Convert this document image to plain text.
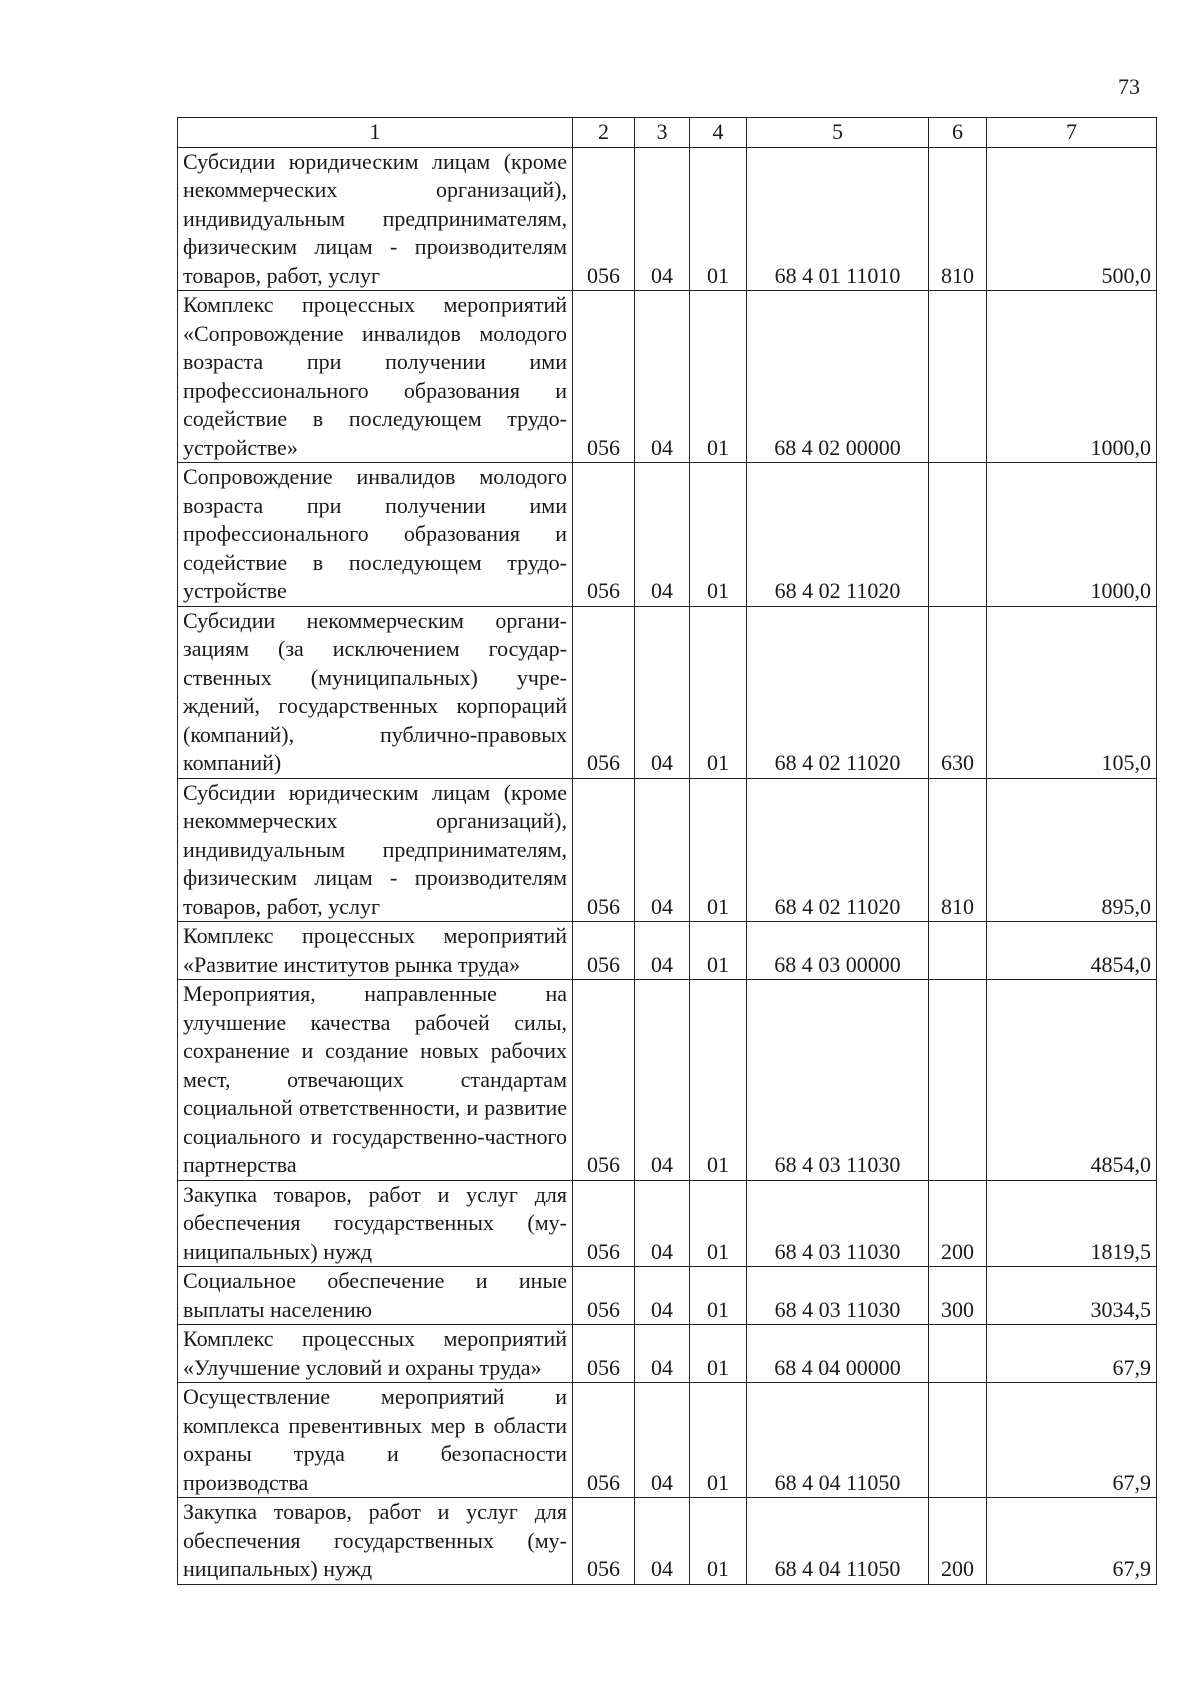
73
1	2	3	4	5	6	7
Субсидии юридическим лицам (кроме некоммерческих организаций), индивидуальным предпринимателям, физическим лицам - производителям товаров, работ, услуг	056	04	01	68 4 01 11010	810	500,0
Комплекс процессных мероприятий «Сопровождение инвалидов молодого возраста при получении ими профессионального образования и содействие в последующем трудоустройстве»	056	04	01	68 4 02 00000		1000,0
Сопровождение инвалидов молодого возраста при получении ими профессионального образования и содействие в последующем трудоустройстве	056	04	01	68 4 02 11020		1000,0
Субсидии некоммерческим организациям (за исключением государственных (муниципальных) учреждений, государственных корпораций (компаний), публично-правовых компаний)	056	04	01	68 4 02 11020	630	105,0
Субсидии юридическим лицам (кроме некоммерческих организаций), индивидуальным предпринимателям, физическим лицам - производителям товаров, работ, услуг	056	04	01	68 4 02 11020	810	895,0
Комплекс процессных мероприятий «Развитие институтов рынка труда»	056	04	01	68 4 03 00000		4854,0
Мероприятия, направленные на улучшение качества рабочей силы, сохранение и создание новых рабочих мест, отвечающих стандартам социальной ответственности, и развитие социального и государственно-частного партнерства	056	04	01	68 4 03 11030		4854,0
Закупка товаров, работ и услуг для обеспечения государственных (муниципальных) нужд	056	04	01	68 4 03 11030	200	1819,5
Социальное обеспечение и иные выплаты населению	056	04	01	68 4 03 11030	300	3034,5
Комплекс процессных мероприятий «Улучшение условий и охраны труда»	056	04	01	68 4 04 00000		67,9
Осуществление мероприятий и комплекса превентивных мер в области охраны труда и безопасности производства	056	04	01	68 4 04 11050		67,9
Закупка товаров, работ и услуг для обеспечения государственных (муниципальных) нужд	056	04	01	68 4 04 11050	200	67,9
